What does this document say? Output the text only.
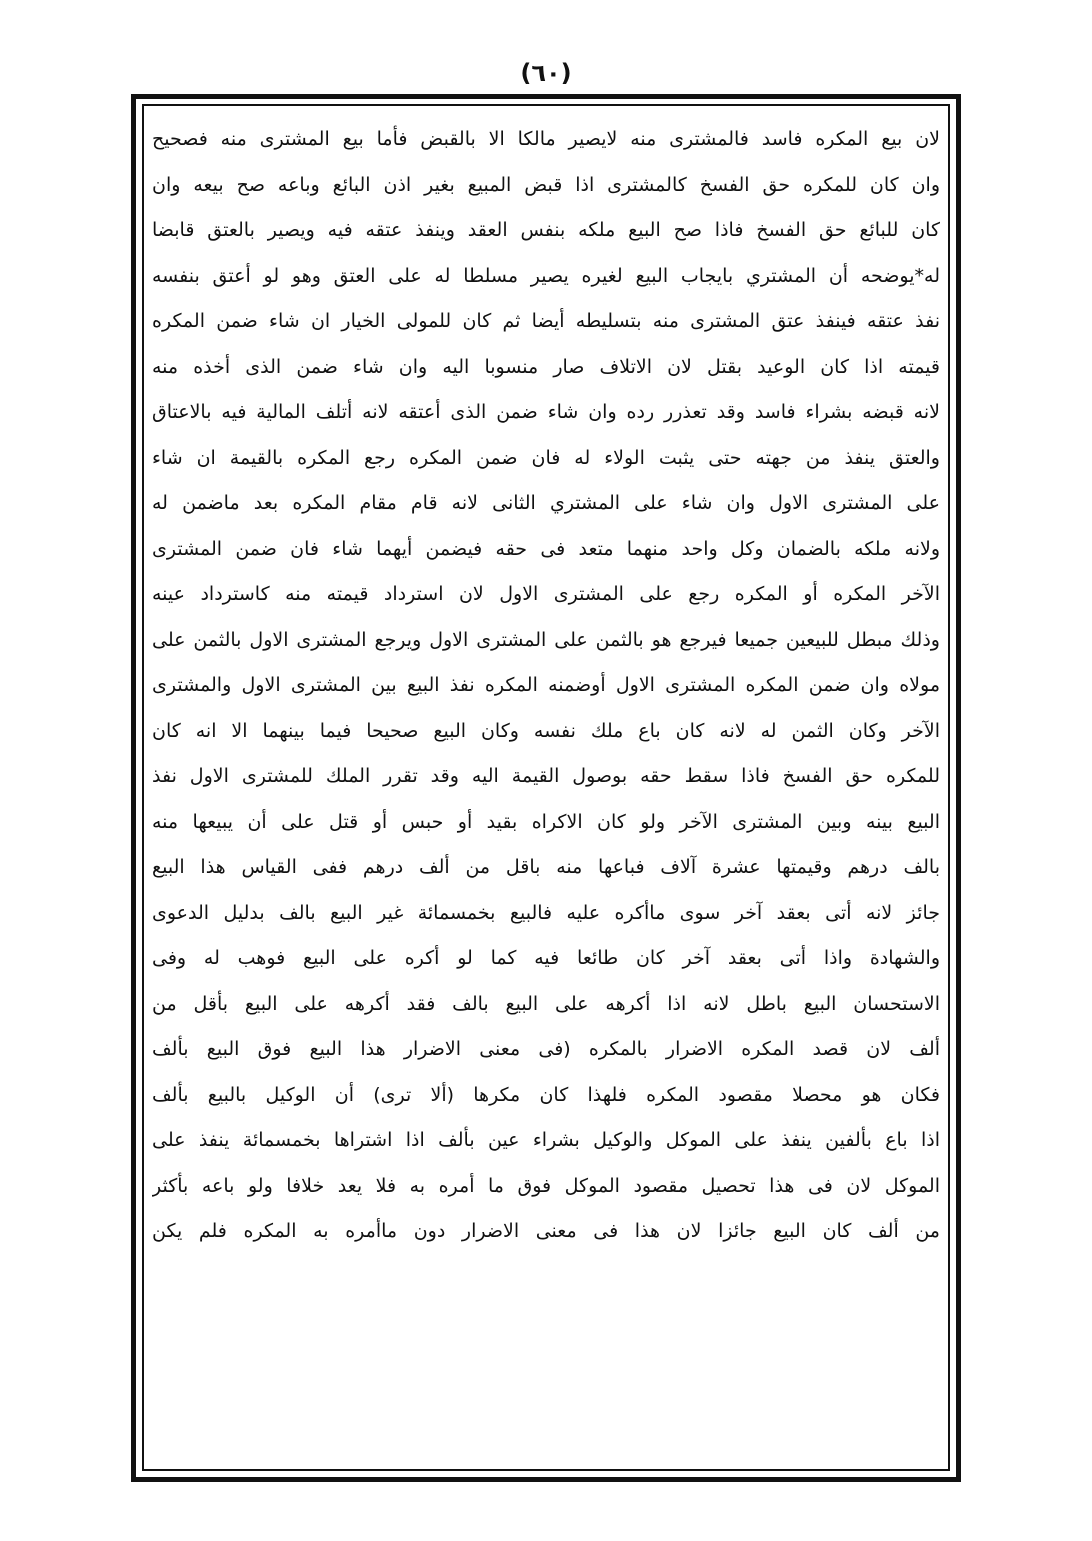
(٦٠)
لان بيع المكره فاسد فالمشترى منه لايصير مالكا الا بالقبض فأما بيع المشترى منه فصحيح
وان كان للمكره حق الفسخ كالمشترى اذا قبض المبيع بغير اذن البائع وباعه صح بيعه وان
كان للبائع حق الفسخ فاذا صح البيع ملكه بنفس العقد وينفذ عتقه فيه ويصير بالعتق قابضا
له*يوضحه أن المشتري بايجاب البيع لغيره يصير مسلطا له على العتق وهو لو أعتق بنفسه
نفذ عتقه فينفذ عتق المشترى منه بتسليطه أيضا ثم كان للمولى الخيار ان شاء ضمن المكره
قيمته اذا كان الوعيد بقتل لان الاتلاف صار منسوبا اليه وان شاء ضمن الذى أخذه منه
لانه قبضه بشراء فاسد وقد تعذرر رده وان شاء ضمن الذى أعتقه لانه أتلف المالية فيه بالاعتاق
والعتق ينفذ من جهته حتى يثبت الولاء له فان ضمن المكره رجع المكره بالقيمة ان شاء
على المشترى الاول وان شاء على المشتري الثانى لانه قام مقام المكره بعد ماضمن له
ولانه ملكه بالضمان وكل واحد منهما متعد فى حقه فيضمن أيهما شاء فان ضمن المشترى
الآخر المكره أو المكره رجع على المشترى الاول لان استرداد قيمته منه كاسترداد عينه
وذلك مبطل للبيعين جميعا فيرجع هو بالثمن على المشترى الاول ويرجع المشترى الاول بالثمن على
مولاه وان ضمن المكره المشترى الاول أوضمنه المكره نفذ البيع بين المشترى الاول والمشترى
الآخر وكان الثمن له لانه كان باع ملك نفسه وكان البيع صحيحا فيما بينهما الا انه كان
للمكره حق الفسخ فاذا سقط حقه بوصول القيمة اليه وقد تقرر الملك للمشترى الاول نفذ
البيع بينه وبين المشترى الآخر ولو كان الاكراه بقيد أو حبس أو قتل على أن يبيعها منه
بالف درهم وقيمتها عشرة آلاف فباعها منه باقل من ألف درهم ففى القياس هذا البيع
جائز لانه أتى بعقد آخر سوى ماأكره عليه فالبيع بخمسمائة غير البيع بالف بدليل الدعوى
والشهادة واذا أتى بعقد آخر كان طائعا فيه كما لو أكره على البيع فوهب له وفى
الاستحسان البيع باطل لانه اذا أكرهه على البيع بالف فقد أكرهه على البيع بأقل من
ألف لان قصد المكره الاضرار بالمكره (فى معنى الاضرار هذا البيع فوق البيع بألف
فكان هو محصلا مقصود المكره فلهذا كان مكرها (ألا ترى) أن الوكيل بالبيع بألف
اذا باع بألفين ينفذ على الموكل والوكيل بشراء عين بألف اذا اشتراها بخمسمائة ينفذ على
الموكل لان فى هذا تحصيل مقصود الموكل فوق ما أمره به فلا يعد خلافا ولو باعه بأكثر
من ألف كان البيع جائزا لان هذا فى معنى الاضرار دون ماأمره به المكره فلم يكن
